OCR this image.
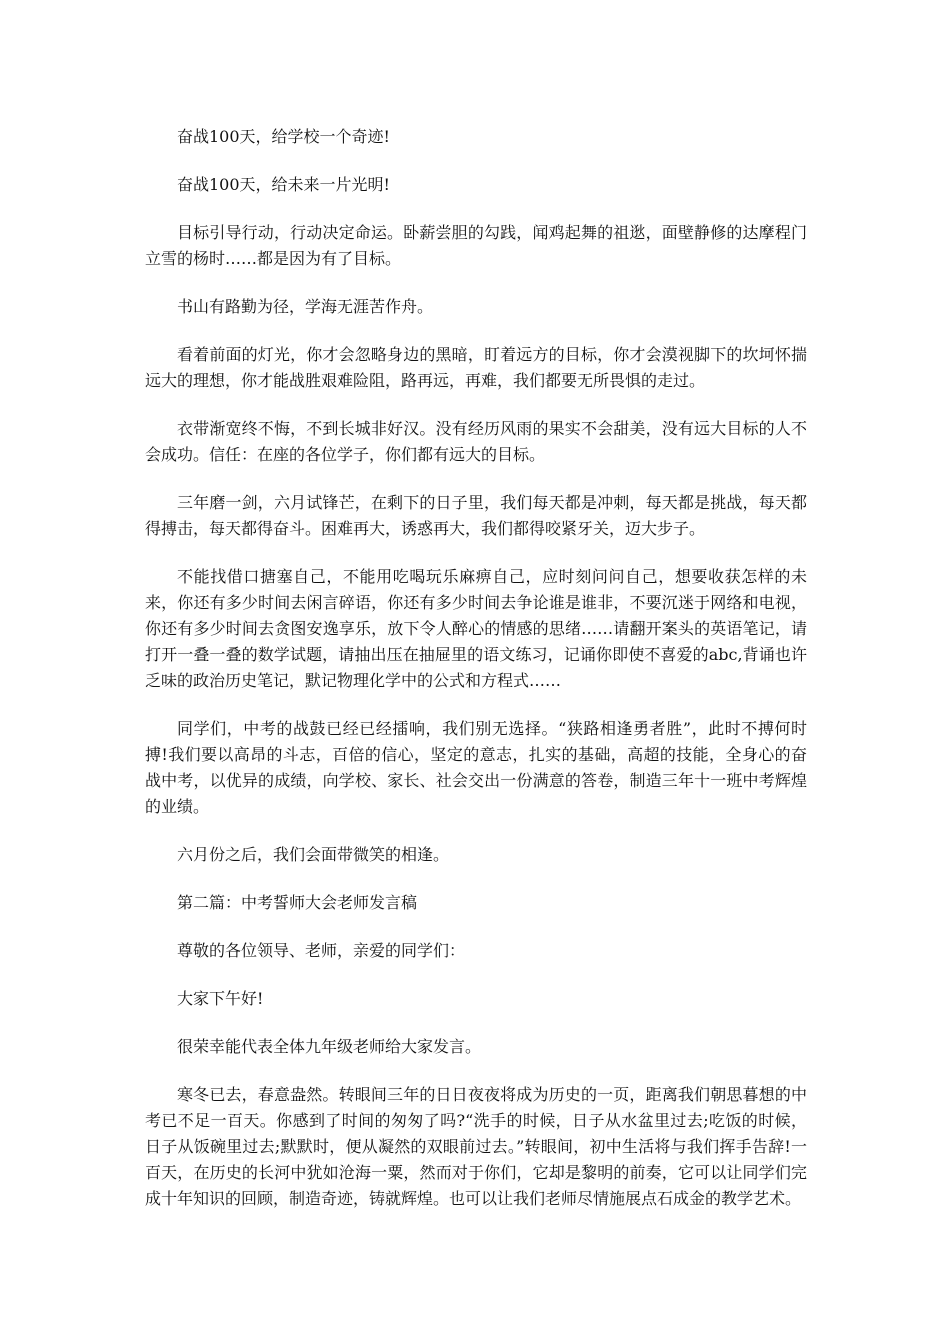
奋战100天，给学校一个奇迹!

奋战100天，给未来一片光明!

目标引导行动，行动决定命运。卧薪尝胆的勾践，闻鸡起舞的祖逖，面壁静修的达摩程门立雪的杨时……都是因为有了目标。

书山有路勤为径，学海无涯苦作舟。

看着前面的灯光，你才会忽略身边的黑暗，盯着远方的目标，你才会漠视脚下的坎坷怀揣远大的理想，你才能战胜艰难险阻，路再远，再难，我们都要无所畏惧的走过。

衣带渐宽终不悔，不到长城非好汉。没有经历风雨的果实不会甜美，没有远大目标的人不会成功。信任：在座的各位学子，你们都有远大的目标。

三年磨一剑，六月试锋芒，在剩下的日子里，我们每天都是冲刺，每天都是挑战，每天都得搏击，每天都得奋斗。困难再大，诱惑再大，我们都得咬紧牙关，迈大步子。

不能找借口搪塞自己，不能用吃喝玩乐麻痹自己，应时刻问问自己，想要收获怎样的未来，你还有多少时间去闲言碎语，你还有多少时间去争论谁是谁非，不要沉迷于网络和电视，你还有多少时间去贪图安逸享乐，放下令人醉心的情感的思绪……请翻开案头的英语笔记，请打开一叠一叠的数学试题，请抽出压在抽屉里的语文练习，记诵你即使不喜爱的abc,背诵也许乏味的政治历史笔记，默记物理化学中的公式和方程式……

同学们，中考的战鼓已经已经擂响，我们别无选择。“狭路相逢勇者胜”，此时不搏何时搏!我们要以高昂的斗志，百倍的信心，坚定的意志，扎实的基础，高超的技能，全身心的奋战中考，以优异的成绩，向学校、家长、社会交出一份满意的答卷，制造三年十一班中考辉煌的业绩。

六月份之后，我们会面带微笑的相逢。

第二篇：中考誓师大会老师发言稿

尊敬的各位领导、老师，亲爱的同学们：

大家下午好!

很荣幸能代表全体九年级老师给大家发言。

寒冬已去，春意盎然。转眼间三年的日日夜夜将成为历史的一页，距离我们朝思暮想的中考已不足一百天。你感到了时间的匆匆了吗?“洗手的时候，日子从水盆里过去;吃饭的时候，日子从饭碗里过去;默默时，便从凝然的双眼前过去。”转眼间，初中生活将与我们挥手告辞!一百天，在历史的长河中犹如沧海一粟，然而对于你们，它却是黎明的前奏，它可以让同学们完成十年知识的回顾，制造奇迹，铸就辉煌。也可以让我们老师尽情施展点石成金的教学艺术。
